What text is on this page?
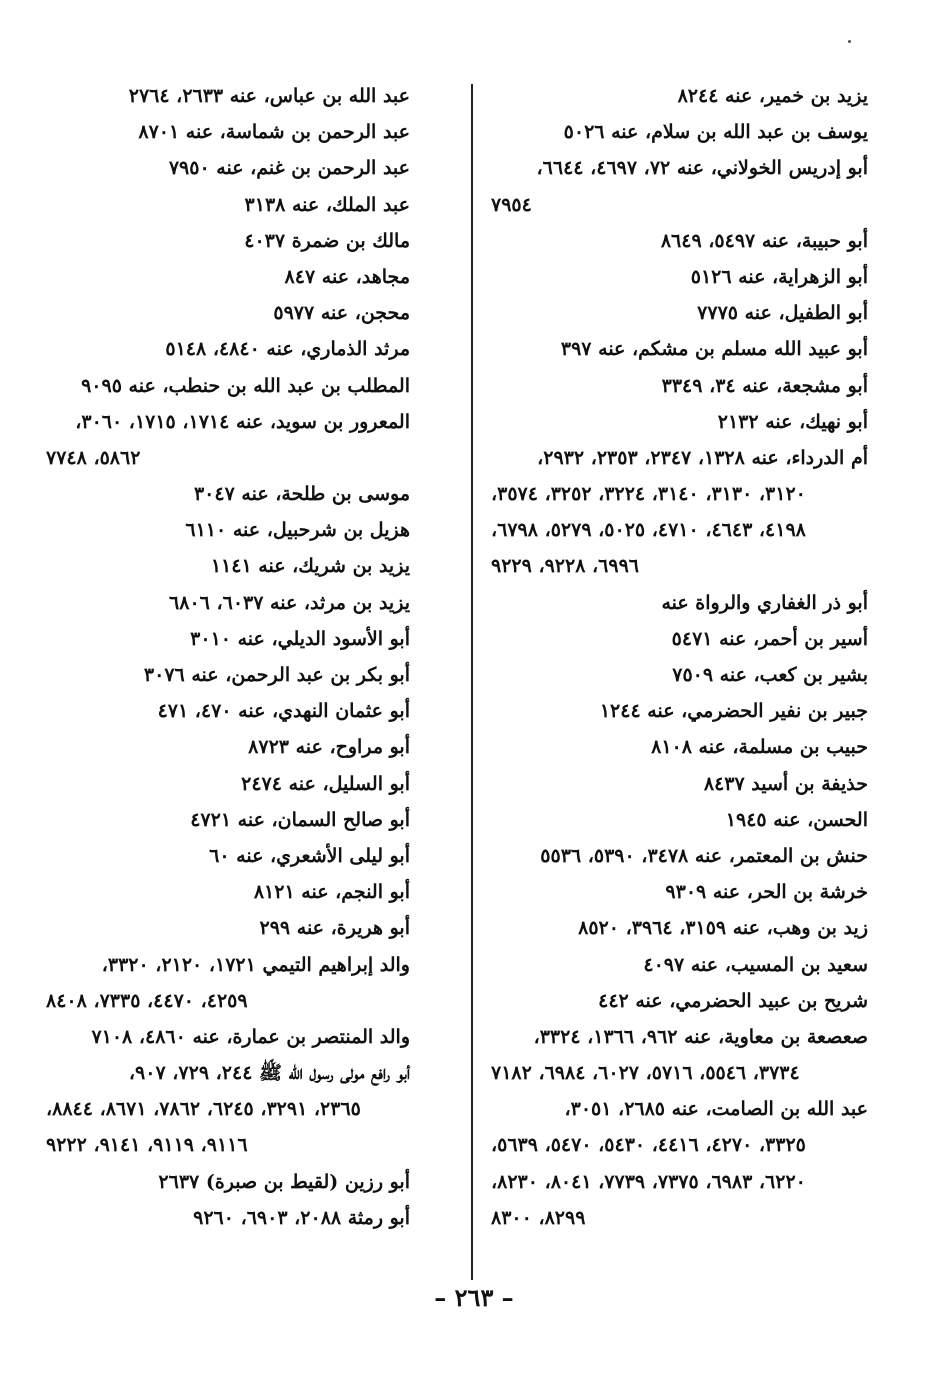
يزيد بن خمير، عنه ٨٢٤٤
يوسف بن عبد الله بن سلام، عنه ٥٠٢٦
أبو إدريس الخولاني، عنه ٧٢، ٤٦٩٧، ٦٦٤٤،
٧٩٥٤
أبو حبيبة، عنه ٥٤٩٧، ٨٦٤٩
أبو الزهراية، عنه ٥١٢٦
أبو الطفيل، عنه ٧٧٧٥
أبو عبيد الله مسلم بن مشكم، عنه ٣٩٧
أبو مشجعة، عنه ٣٤، ٣٣٤٩
أبو نهيك، عنه ٢١٣٢
أم الدرداء، عنه ١٣٢٨، ٢٣٤٧، ٢٣٥٣، ٢٩٣٢،
٣١٢٠، ٣١٣٠، ٣١٤٠، ٣٢٢٤، ٣٢٥٢، ٣٥٧٤،
٤١٩٨، ٤٦٤٣، ٤٧١٠، ٥٠٢٥، ٥٢٧٩، ٦٧٩٨،
٦٩٩٦، ٩٢٢٨، ٩٢٢٩
أبو ذر الغفاري والرواة عنه
أسير بن أحمر، عنه ٥٤٧١
بشير بن كعب، عنه ٧٥٠٩
جبير بن نفير الحضرمي، عنه ١٢٤٤
حبيب بن مسلمة، عنه ٨١٠٨
حذيفة بن أسيد ٨٤٣٧
الحسن، عنه ١٩٤٥
حنش بن المعتمر، عنه ٣٤٧٨، ٥٣٩٠، ٥٥٣٦
خرشة بن الحر، عنه ٩٣٠٩
زيد بن وهب، عنه ٣١٥٩، ٣٩٦٤، ٨٥٢٠
سعيد بن المسيب، عنه ٤٠٩٧
شريح بن عبيد الحضرمي، عنه ٤٤٢
صعصعة بن معاوية، عنه ٩٦٢، ١٣٦٦، ٣٣٢٤،
٣٧٣٤، ٥٥٤٦، ٥٧١٦، ٦٠٢٧، ٦٩٨٤، ٧١٨٢
عبد الله بن الصامت، عنه ٢٦٨٥، ٣٠٥١،
٣٣٢٥، ٤٢٧٠، ٤٤١٦، ٥٤٣٠، ٥٤٧٠، ٥٦٣٩،
٦٢٢٠، ٦٩٨٣، ٧٣٧٥، ٧٧٣٩، ٨٠٤١، ٨٢٣٠،
٨٢٩٩، ٨٣٠٠
عبد الله بن عباس، عنه ٢٦٣٣، ٢٧٦٤
عبد الرحمن بن شماسة، عنه ٨٧٠١
عبد الرحمن بن غنم، عنه ٧٩٥٠
عبد الملك، عنه ٣١٣٨
مالك بن ضمرة ٤٠٣٧
مجاهد، عنه ٨٤٧
محجن، عنه ٥٩٧٧
مرثد الذماري، عنه ٤٨٤٠، ٥١٤٨
المطلب بن عبد الله بن حنطب، عنه ٩٠٩٥
المعرور بن سويد، عنه ١٧١٤، ١٧١٥، ٣٠٦٠،
٥٨٦٢، ٧٧٤٨
موسى بن طلحة، عنه ٣٠٤٧
هزيل بن شرحبيل، عنه ٦١١٠
يزيد بن شريك، عنه ١١٤١
يزيد بن مرثد، عنه ٦٠٣٧، ٦٨٠٦
أبو الأسود الديلي، عنه ٣٠١٠
أبو بكر بن عبد الرحمن، عنه ٣٠٧٦
أبو عثمان النهدي، عنه ٤٧٠، ٤٧١
أبو مراوح، عنه ٨٧٢٣
أبو السليل، عنه ٢٤٧٤
أبو صالح السمان، عنه ٤٧٢١
أبو ليلى الأشعري، عنه ٦٠
أبو النجم، عنه ٨١٢١
أبو هريرة، عنه ٢٩٩
والد إبراهيم التيمي ١٧٢١، ٢١٢٠، ٣٣٢٠،
٤٢٥٩، ٤٤٧٠، ٧٣٣٥، ٨٤٠٨
والد المنتصر بن عمارة، عنه ٤٨٦٠، ٧١٠٨
أبو رافع مولى رسول الله ﷺ ٢٤٤، ٧٢٩، ٩٠٧،
٢٣٦٥، ٣٢٩١، ٦٢٤٥، ٧٨٦٢، ٨٦٧١، ٨٨٤٤،
٩١١٦، ٩١١٩، ٩١٤١، ٩٢٢٢
أبو رزين (لقيط بن صبرة) ٢٦٣٧
أبو رمثة ٢٠٨٨، ٦٩٠٣، ٩٢٦٠
– ٢٦٣ –
